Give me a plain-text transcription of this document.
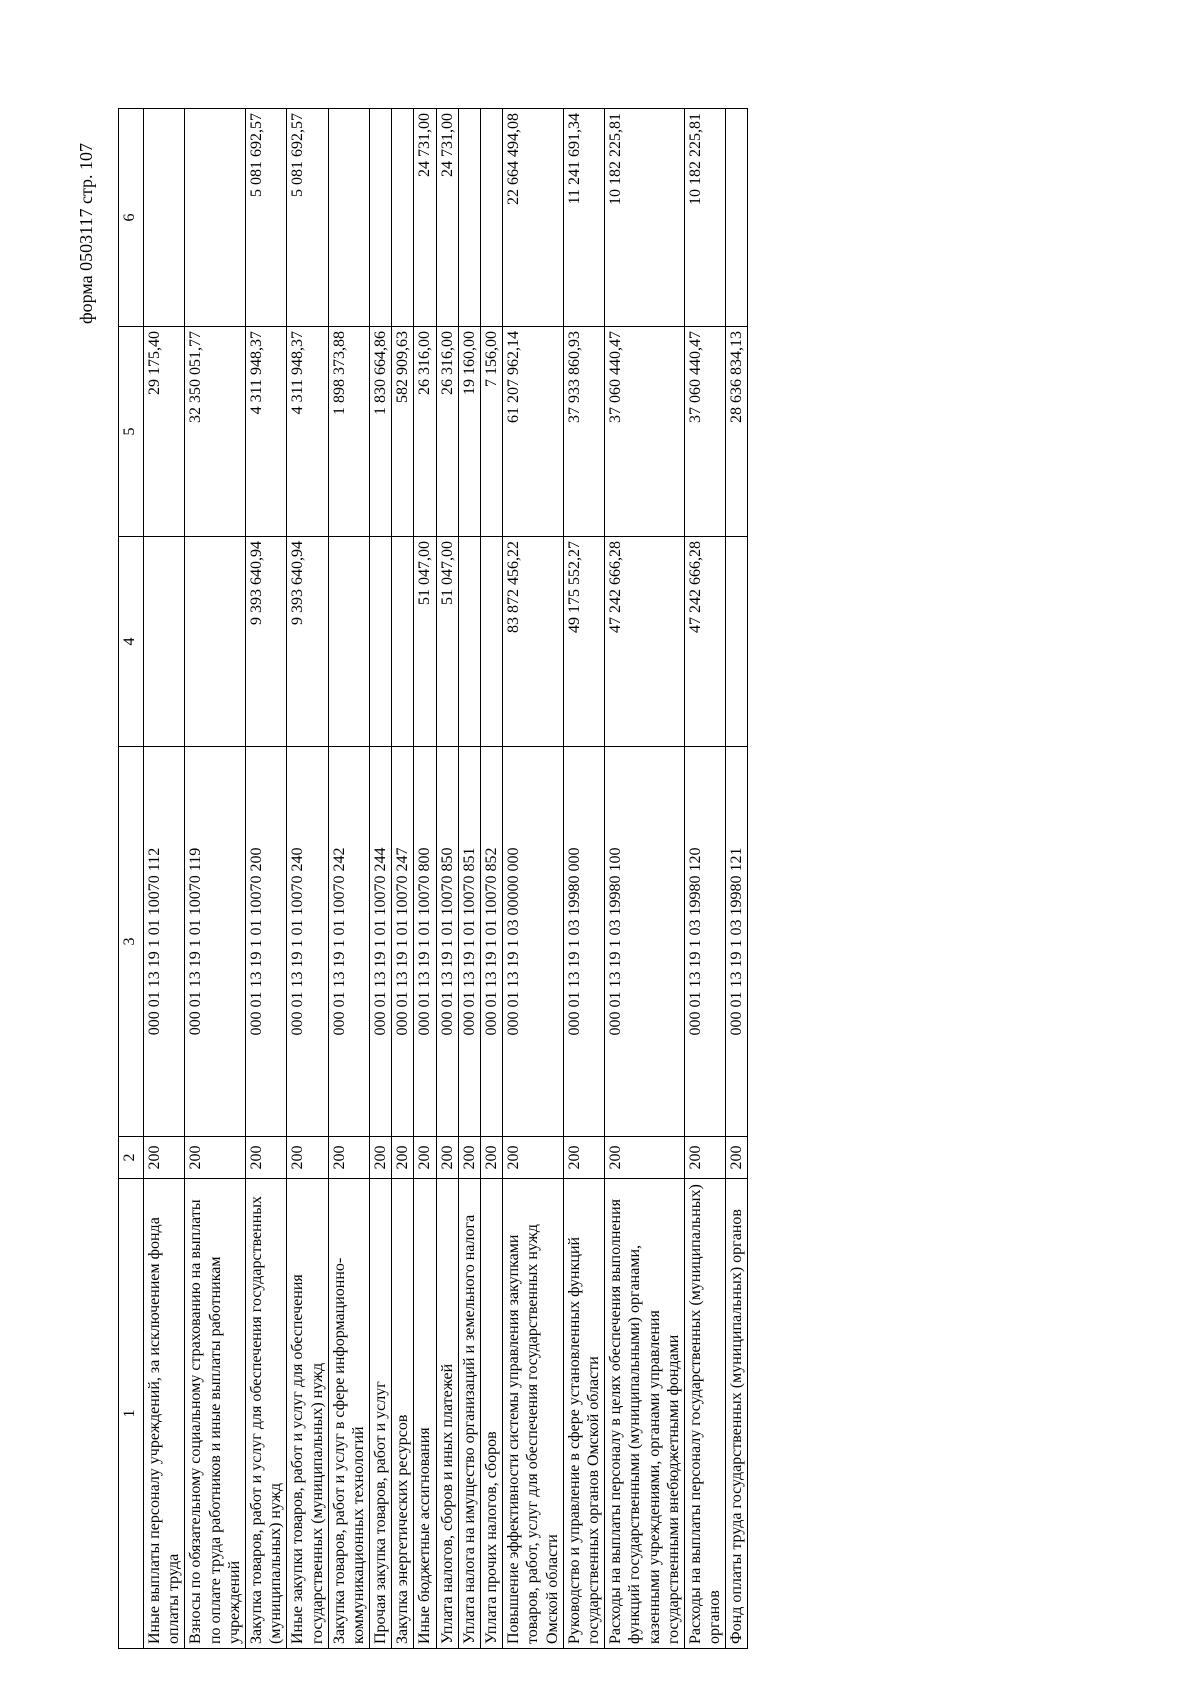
форма 0503117 стр. 107
1	2	3	4	5	6
Иные выплаты персоналу учреждений, за исключением фонда оплаты труда	200	000 01 13 19 1 01 10070 112		29 175,40	
Взносы по обязательному социальному страхованию на выплаты по оплате труда работников и иные выплаты работникам учреждений	200	000 01 13 19 1 01 10070 119		32 350 051,77	
Закупка товаров, работ и услуг для обеспечения государственных (муниципальных) нужд	200	000 01 13 19 1 01 10070 200	9 393 640,94	4 311 948,37	5 081 692,57
Иные закупки товаров, работ и услуг для обеспечения государственных (муниципальных) нужд	200	000 01 13 19 1 01 10070 240	9 393 640,94	4 311 948,37	5 081 692,57
Закупка товаров, работ и услуг в сфере информационно-коммуникационных технологий	200	000 01 13 19 1 01 10070 242		1 898 373,88	
Прочая закупка товаров, работ и услуг	200	000 01 13 19 1 01 10070 244		1 830 664,86	
Закупка энергетических ресурсов	200	000 01 13 19 1 01 10070 247		582 909,63	
Иные бюджетные ассигнования	200	000 01 13 19 1 01 10070 800	51 047,00	26 316,00	24 731,00
Уплата налогов, сборов и иных платежей	200	000 01 13 19 1 01 10070 850	51 047,00	26 316,00	24 731,00
Уплата налога на имущество организаций и земельного налога	200	000 01 13 19 1 01 10070 851		19 160,00	
Уплата прочих налогов, сборов	200	000 01 13 19 1 01 10070 852		7 156,00	
Повышение эффективности системы управления закупками товаров, работ, услуг для обеспечения государственных нужд Омской области	200	000 01 13 19 1 03 00000 000	83 872 456,22	61 207 962,14	22 664 494,08
Руководство и управление в сфере установленных функций государственных органов Омской области	200	000 01 13 19 1 03 19980 000	49 175 552,27	37 933 860,93	11 241 691,34
Расходы на выплаты персоналу в целях обеспечения выполнения функций государственными (муниципальными) органами, казенными учреждениями, органами управления государственными внебюджетными фондами	200	000 01 13 19 1 03 19980 100	47 242 666,28	37 060 440,47	10 182 225,81
Расходы на выплаты персоналу государственных (муниципальных) органов	200	000 01 13 19 1 03 19980 120	47 242 666,28	37 060 440,47	10 182 225,81
Фонд оплаты труда государственных (муниципальных) органов	200	000 01 13 19 1 03 19980 121		28 636 834,13	
